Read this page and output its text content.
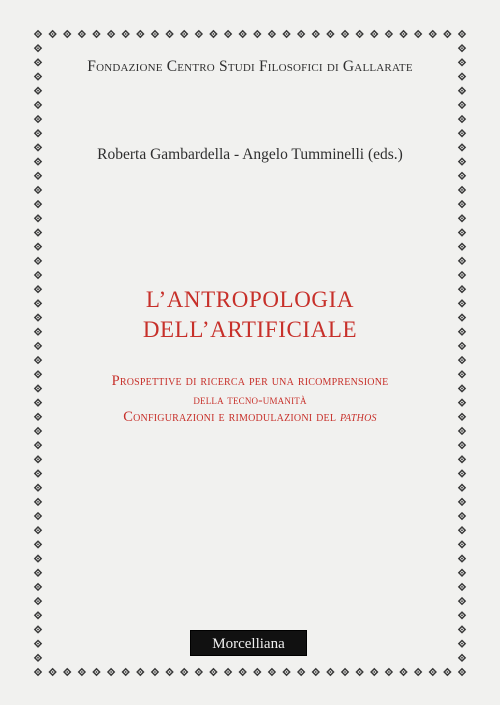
Fondazione Centro Studi Filosofici di Gallarate
Roberta Gambardella - Angelo Tumminelli (eds.)
L’ANTROPOLOGIA
DELL’ARTIFICIALE
Prospettive di ricerca per una ricomprensione
della tecno-umanità
Configurazioni e rimodulazioni del pathos
Morcelliana
